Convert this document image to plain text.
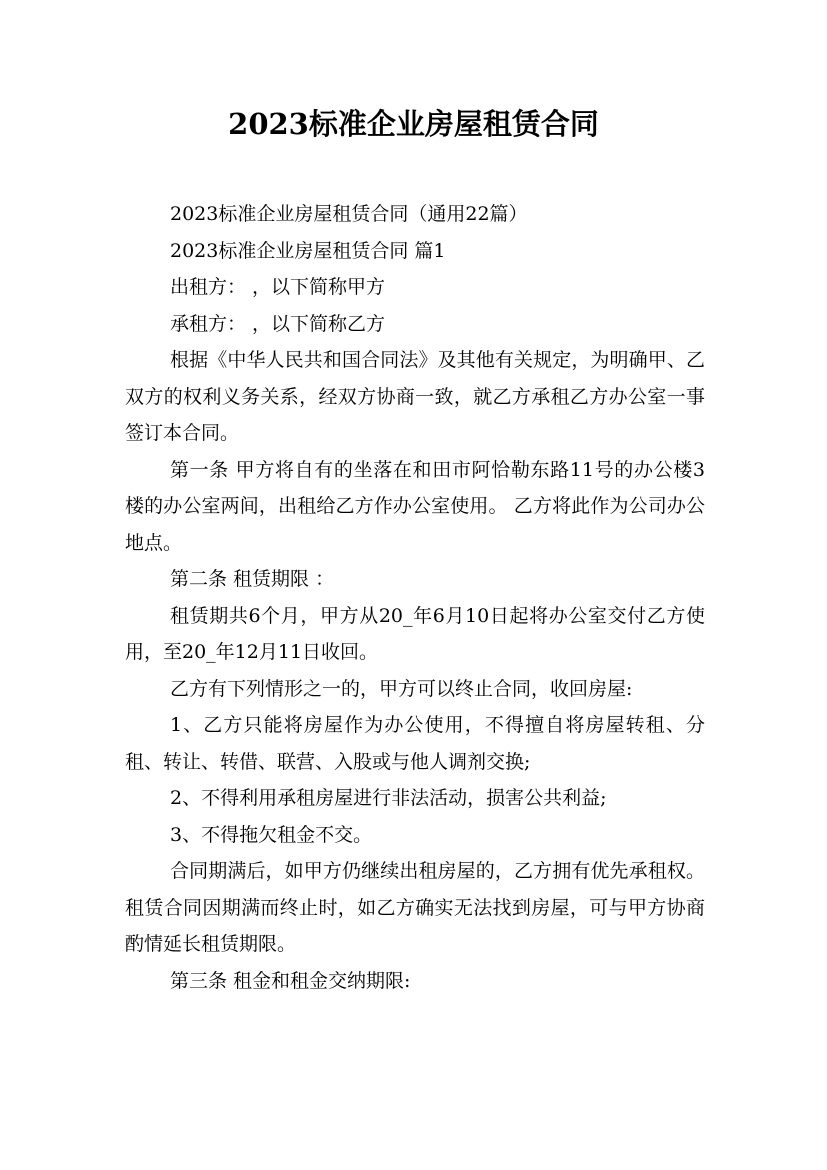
2023标准企业房屋租赁合同

2023标准企业房屋租赁合同（通用22篇）

2023标准企业房屋租赁合同 篇1

出租方： ，以下简称甲方

承租方： ，以下简称乙方

根据《中华人民共和国合同法》及其他有关规定，为明确甲、乙双方的权利义务关系，经双方协商一致，就乙方承租乙方办公室一事签订本合同。

第一条 甲方将自有的坐落在和田市阿恰勒东路11号的办公楼3楼的办公室两间，出租给乙方作办公室使用。 乙方将此作为公司办公地点。

第二条 租赁期限 ：

租赁期共6个月，甲方从20_年6月10日起将办公室交付乙方使用，至20_年12月11日收回。

乙方有下列情形之一的，甲方可以终止合同，收回房屋:

1、乙方只能将房屋作为办公使用，不得擅自将房屋转租、分租、转让、转借、联营、入股或与他人调剂交换;

2、不得利用承租房屋进行非法活动，损害公共利益;

3、不得拖欠租金不交。

合同期满后，如甲方仍继续出租房屋的，乙方拥有优先承租权。 租赁合同因期满而终止时，如乙方确实无法找到房屋，可与甲方协商酌情延长租赁期限。

第三条 租金和租金交纳期限:
